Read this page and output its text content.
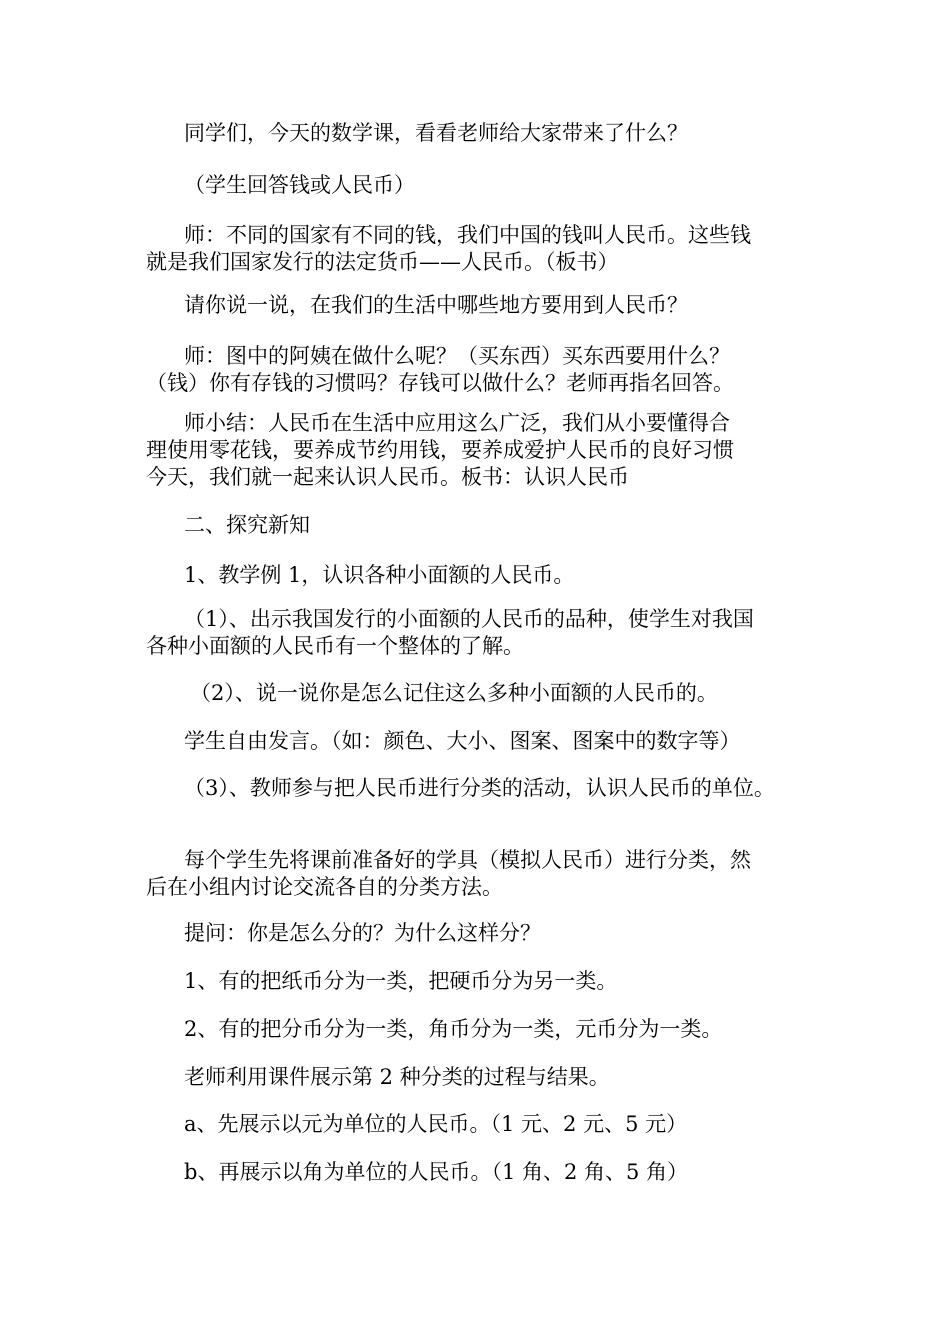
同学们，今天的数学课，看看老师给大家带来了什么？

（学生回答钱或人民币）

师：不同的国家有不同的钱，我们中国的钱叫人民币。这些钱
就是我们国家发行的法定货币——人民币。（板书）

请你说一说，在我们的生活中哪些地方要用到人民币？

师：图中的阿姨在做什么呢？（买东西）买东西要用什么？
（钱）你有存钱的习惯吗？存钱可以做什么？老师再指名回答。

师小结：人民币在生活中应用这么广泛，我们从小要懂得合
理使用零花钱，要养成节约用钱，要养成爱护人民币的良好习惯
今天，我们就一起来认识人民币。板书：认识人民币

二、探究新知

1、教学例 1，认识各种小面额的人民币。

（1）、出示我国发行的小面额的人民币的品种，使学生对我国
各种小面额的人民币有一个整体的了解。

（2）、说一说你是怎么记住这么多种小面额的人民币的。

学生自由发言。（如：颜色、大小、图案、图案中的数字等）

（3）、教师参与把人民币进行分类的活动，认识人民币的单位。

每个学生先将课前准备好的学具（模拟人民币）进行分类，然
后在小组内讨论交流各自的分类方法。

提问：你是怎么分的？为什么这样分？

1、有的把纸币分为一类，把硬币分为另一类。

2、有的把分币分为一类，角币分为一类，元币分为一类。

老师利用课件展示第 2 种分类的过程与结果。

a、先展示以元为单位的人民币。（1 元、2 元、5 元）

b、再展示以角为单位的人民币。（1 角、2 角、5 角）
